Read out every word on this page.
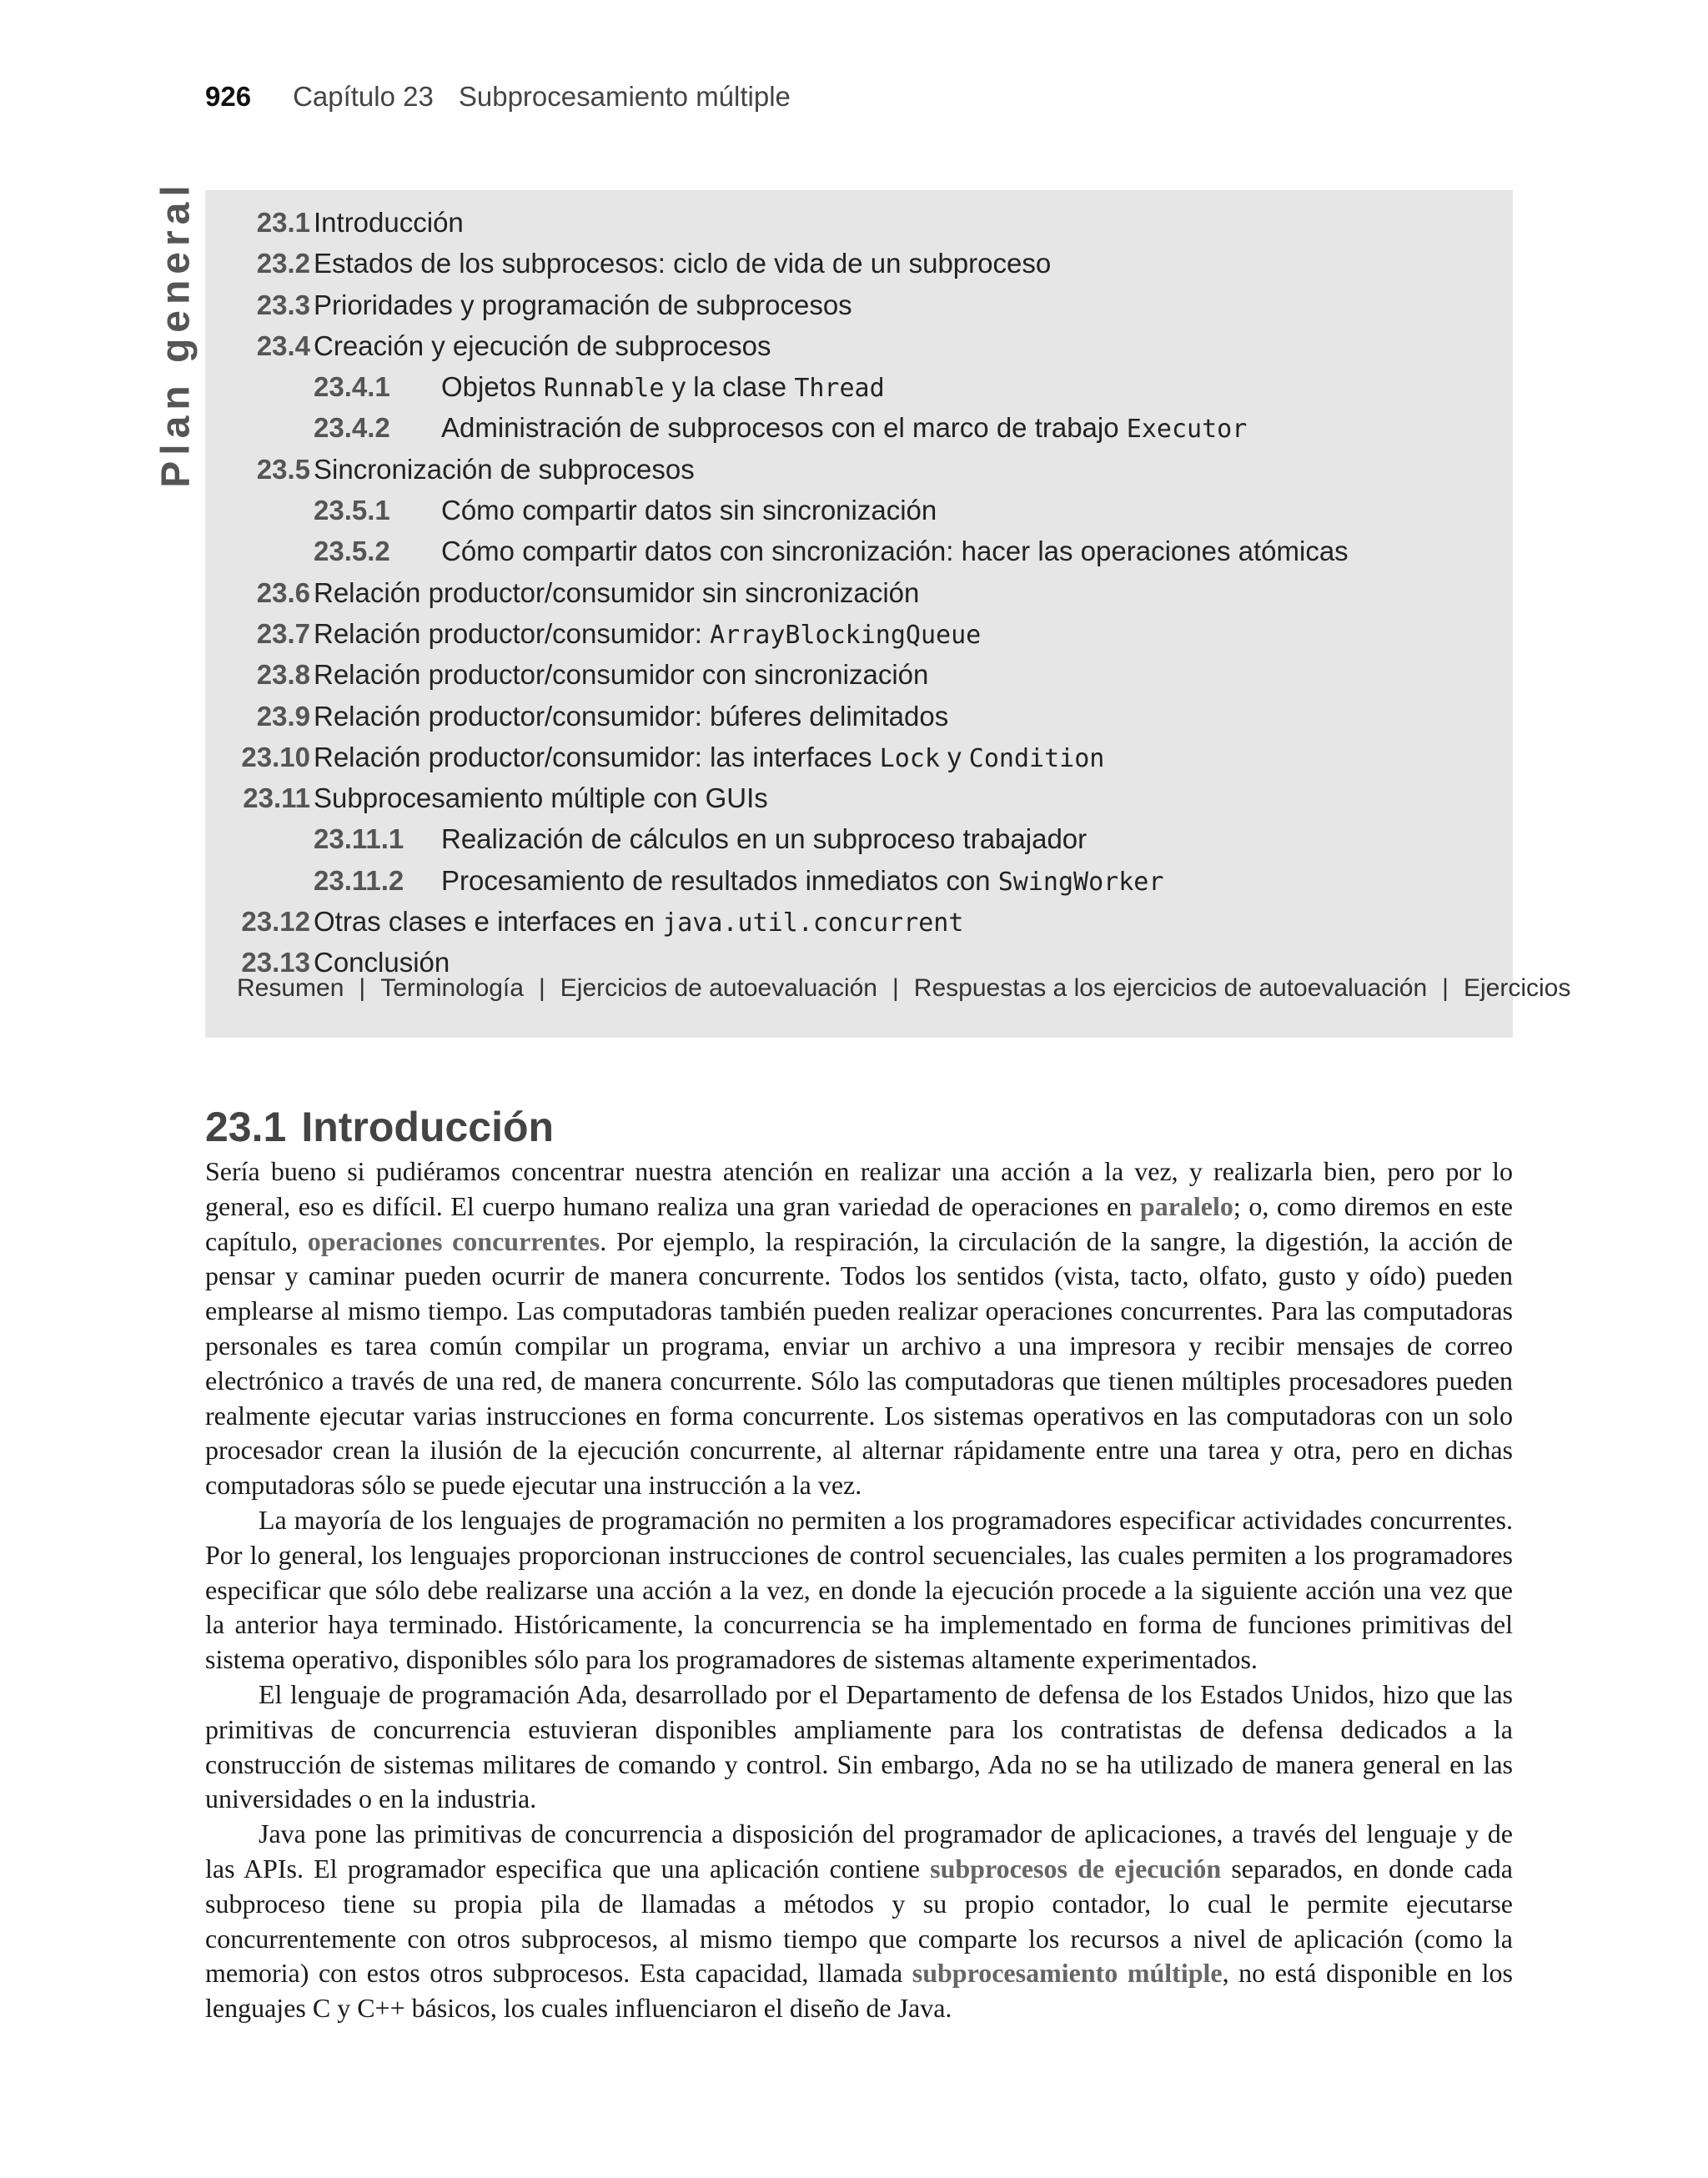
926 Capítulo 23 Subprocesamiento múltiple
Plan general 23.1 Introducción
23.2 Estados de los subprocesos: ciclo de vida de un subproceso
23.3 Prioridades y programación de subprocesos
23.4 Creación y ejecución de subprocesos
23.4.1 Objetos Runnable y la clase Thread
23.4.2 Administración de subprocesos con el marco de trabajo Executor
23.5 Sincronización de subprocesos
23.5.1 Cómo compartir datos sin sincronización
23.5.2 Cómo compartir datos con sincronización: hacer las operaciones atómicas
23.6 Relación productor/consumidor sin sincronización
23.7 Relación productor/consumidor: ArrayBlockingQueue
23.8 Relación productor/consumidor con sincronización
23.9 Relación productor/consumidor: búferes delimitados
23.10 Relación productor/consumidor: las interfaces Lock y Condition
23.11 Subprocesamiento múltiple con GUIs
23.11.1 Realización de cálculos en un subproceso trabajador
23.11.2 Procesamiento de resultados inmediatos con SwingWorker
23.12 Otras clases e interfaces en java.util.concurrent
23.13 Conclusión
Resumen | Terminología | Ejercicios de autoevaluación | Respuestas a los ejercicios de autoevaluación | Ejercicios
23.1 Introducción

Sería bueno si pudiéramos concentrar nuestra atención en realizar una acción a la vez, y realizarla bien, pero por lo general, eso es difícil. El cuerpo humano realiza una gran variedad de operaciones en paralelo; o, como diremos en este capítulo, operaciones concurrentes. Por ejemplo, la respiración, la circulación de la sangre, la digestión, la acción de pensar y caminar pueden ocurrir de manera concurrente. Todos los sentidos (vista, tacto, olfato, gusto y oído) pueden emplearse al mismo tiempo. Las computadoras también pueden realizar operaciones concurrentes. Para las computadoras personales es tarea común compilar un programa, enviar un archivo a una impresora y recibir mensajes de correo electrónico a través de una red, de manera concurrente. Sólo las computadoras que tienen múltiples procesadores pueden realmente ejecutar varias instrucciones en forma concurrente. Los sistemas operativos en las computadoras con un solo procesador crean la ilusión de la ejecución concurrente, al alternar rápidamente entre una tarea y otra, pero en dichas computadoras sólo se puede ejecutar una instrucción a la vez.

La mayoría de los lenguajes de programación no permiten a los programadores especificar actividades concurrentes. Por lo general, los lenguajes proporcionan instrucciones de control secuenciales, las cuales permiten a los programadores especificar que sólo debe realizarse una acción a la vez, en donde la ejecución procede a la siguiente acción una vez que la anterior haya terminado. Históricamente, la concurrencia se ha implementado en forma de funciones primitivas del sistema operativo, disponibles sólo para los programadores de sistemas altamente experimentados.

El lenguaje de programación Ada, desarrollado por el Departamento de defensa de los Estados Unidos, hizo que las primitivas de concurrencia estuvieran disponibles ampliamente para los contratistas de defensa dedicados a la construcción de sistemas militares de comando y control. Sin embargo, Ada no se ha utilizado de manera general en las universidades o en la industria.

Java pone las primitivas de concurrencia a disposición del programador de aplicaciones, a través del lenguaje y de las APIs. El programador especifica que una aplicación contiene subprocesos de ejecución separados, en donde cada subproceso tiene su propia pila de llamadas a métodos y su propio contador, lo cual le permite ejecutarse concurrentemente con otros subprocesos, al mismo tiempo que comparte los recursos a nivel de aplicación (como la memoria) con estos otros subprocesos. Esta capacidad, llamada subprocesamiento múltiple, no está disponible en los lenguajes C y C++ básicos, los cuales influenciaron el diseño de Java.
